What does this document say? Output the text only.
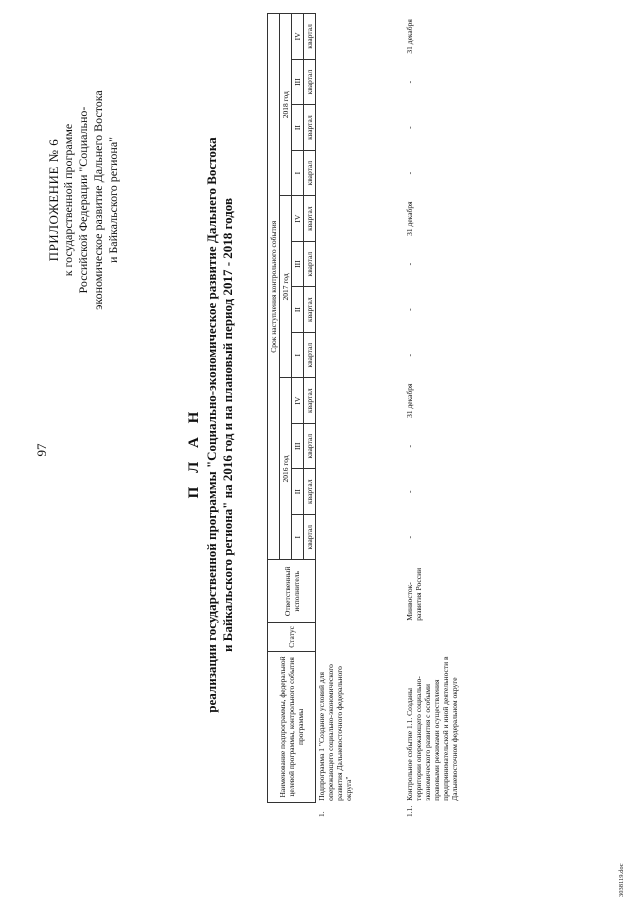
97
ПРИЛОЖЕНИЕ № 6 к государственной программе Российской Федерации "Социально- экономическое развитие Дальнего Востока и Байкальского региона"
П Л А Н реализации государственной программы "Социально-экономическое развитие Дальнего Востока и Байкальского региона" на 2016 год и на плановый период 2017 - 2018 годов
	Наименование подпрограммы, федеральной целевой программы, контрольного события программы	Статус	Ответственный исполнитель	Срок наступления контрольного события											
				2016 год				2017 год				2018 год			
				I	II	III	IV	I	II	III	IV	I	II	III	IV
				квартал	квартал	квартал	квартал	квартал	квартал	квартал	квартал	квартал	квартал	квартал	квартал
1.	Подпрограмма 1 "Создание условий для опережающего социально-экономического развития Дальневосточного федерального округа"														
1.1.	Контрольное событие 1.1. Созданы территории опережающего социально-экономического развития с особыми правовыми режимами осуществления предпринимательской и иной деятельности в Дальневосточном федеральном округе		Минвосток-развития России	-	-	-	31 декабря	-	-	-	31 декабря	-	-	-	31 декабря
3038119.doc
